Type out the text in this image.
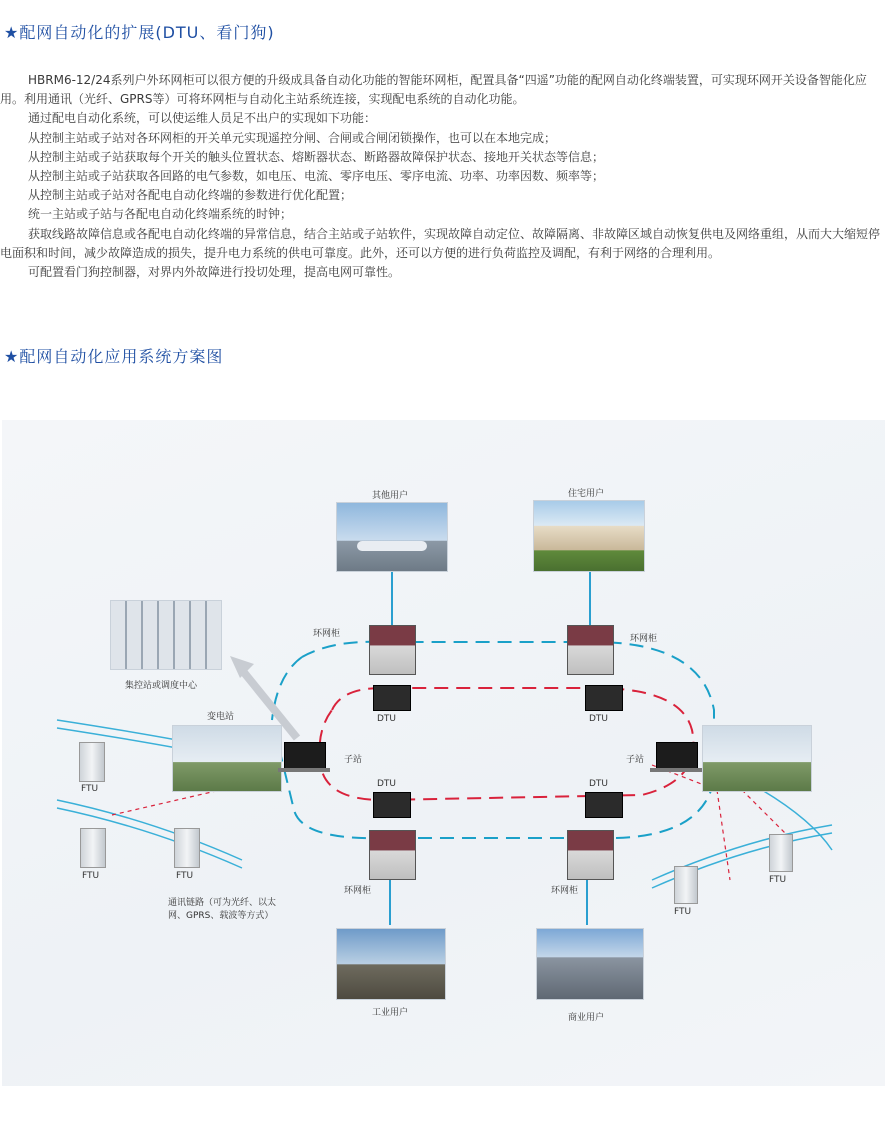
★配网自动化的扩展(DTU、看门狗)

HBRM6-12/24系列户外环网柜可以很方便的升级成具备自动化功能的智能环网柜，配置具备“四遥”功能的配网自动化终端装置，可实现环网开关设备智能化应用。利用通讯（光纤、GPRS等）可将环网柜与自动化主站系统连接，实现配电系统的自动化功能。

通过配电自动化系统，可以使运维人员足不出户的实现如下功能：

从控制主站或子站对各环网柜的开关单元实现遥控分闸、合闸或合闸闭锁操作，也可以在本地完成；

从控制主站或子站获取每个开关的触头位置状态、熔断器状态、断路器故障保护状态、接地开关状态等信息；

从控制主站或子站获取各回路的电气参数，如电压、电流、零序电压、零序电流、功率、功率因数、频率等；

从控制主站或子站对各配电自动化终端的参数进行优化配置；

统一主站或子站与各配电自动化终端系统的时钟；

获取线路故障信息或各配电自动化终端的异常信息，结合主站或子站软件，实现故障自动定位、故障隔离、非故障区域自动恢复供电及网络重组，从而大大缩短停电面积和时间，减少故障造成的损失，提升电力系统的供电可靠度。此外，还可以方便的进行负荷监控及调配，有利于网络的合理利用。

可配置看门狗控制器，对界内外故障进行投切处理，提高电网可靠性。

★配网自动化应用系统方案图
其他用户	住宅用户
集控站或调度中心
环网柜	环网柜
DTU	DTU
变电站
子站	子站
DTU	DTU
环网柜	环网柜
FTU
FTU	FTU	FTU
FTU
通讯链路（可为光纤、以太网、GPRS、载波等方式）
工业用户	商业用户
